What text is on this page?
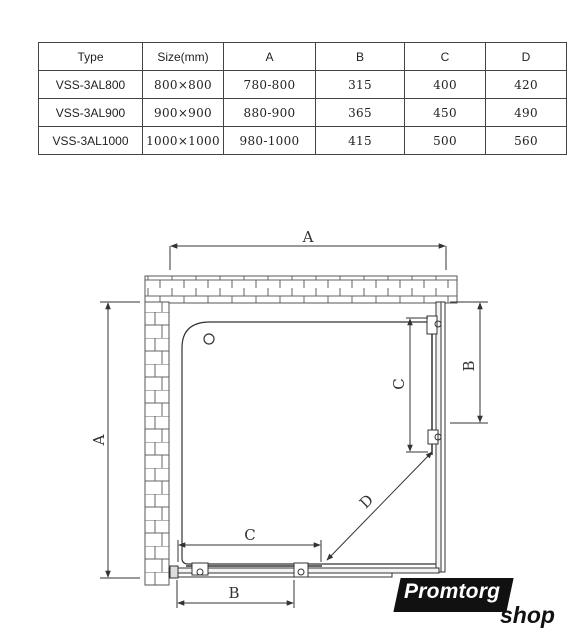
Type	Size(mm)	A	B	C	D
VSS-3AL800	800×800	780-800	315	400	420
VSS-3AL900	900×900	880-900	365	450	490
VSS-3AL1000	1000×1000	980-1000	415	500	560
A
A
B
C
C
B
D
Promtorg
shop
